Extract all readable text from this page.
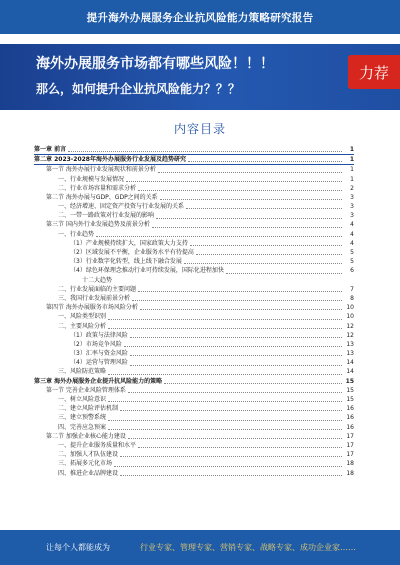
提升海外办展服务企业抗风险能力策略研究报告
海外办展服务市场都有哪些风险！！！
那么，如何提升企业抗风险能力？？？
力荐
内容目录
第一章 前言	1
第二章 2023-2028年海外办展服务行业发展及趋势研究	1
第一节 海外办展行业发展现状和前景分析	1
一、行业规模与发展情况	1
二、行业市场容量和需求分析	2
第二节 海外办展与GDP、GDP之间的关系	3
一、经济增速、固定资产投资与行业发展的关系	3
二、一带一路政策对行业发展的影响	3
第三节 国内外行业发展趋势及前景分析	4
一、行业趋势	4
（1）产业规模持续扩大，国家政策大力支持	4
（2）区域发展不平衡，企业服务水平有待提高	5
（3）行业数字化转型，线上线下融合发展	5
（4）绿色环保理念推动行业可持续发展，国际化进程加快	6
十二大趋势
二、行业发展面临的主要问题	7
三、我国行业发展前景分析	8
第四节 海外办展服务市场风险分析	10
一、风险类型识别	10
二、主要风险分析	12
（1）政策与法律风险	12
（2）市场竞争风险	13
（3）汇率与资金风险	13
（4）运营与管理风险	14
三、风险防范策略	14
第三章 海外办展服务企业提升抗风险能力的策略	15
第一节 完善企业风险管理体系	15
一、树立风险意识	15
二、建立风险评估机制	16
三、建立预警系统	16
四、完善应急预案	16
第二节 加强企业核心能力建设	17
一、提升企业服务质量和水平	17
二、加强人才队伍建设	17
三、拓展多元化市场	18
四、推进企业品牌建设	18
让每个人都能成为	行业专家、管理专家、营销专家、战略专家、成功企业家……
